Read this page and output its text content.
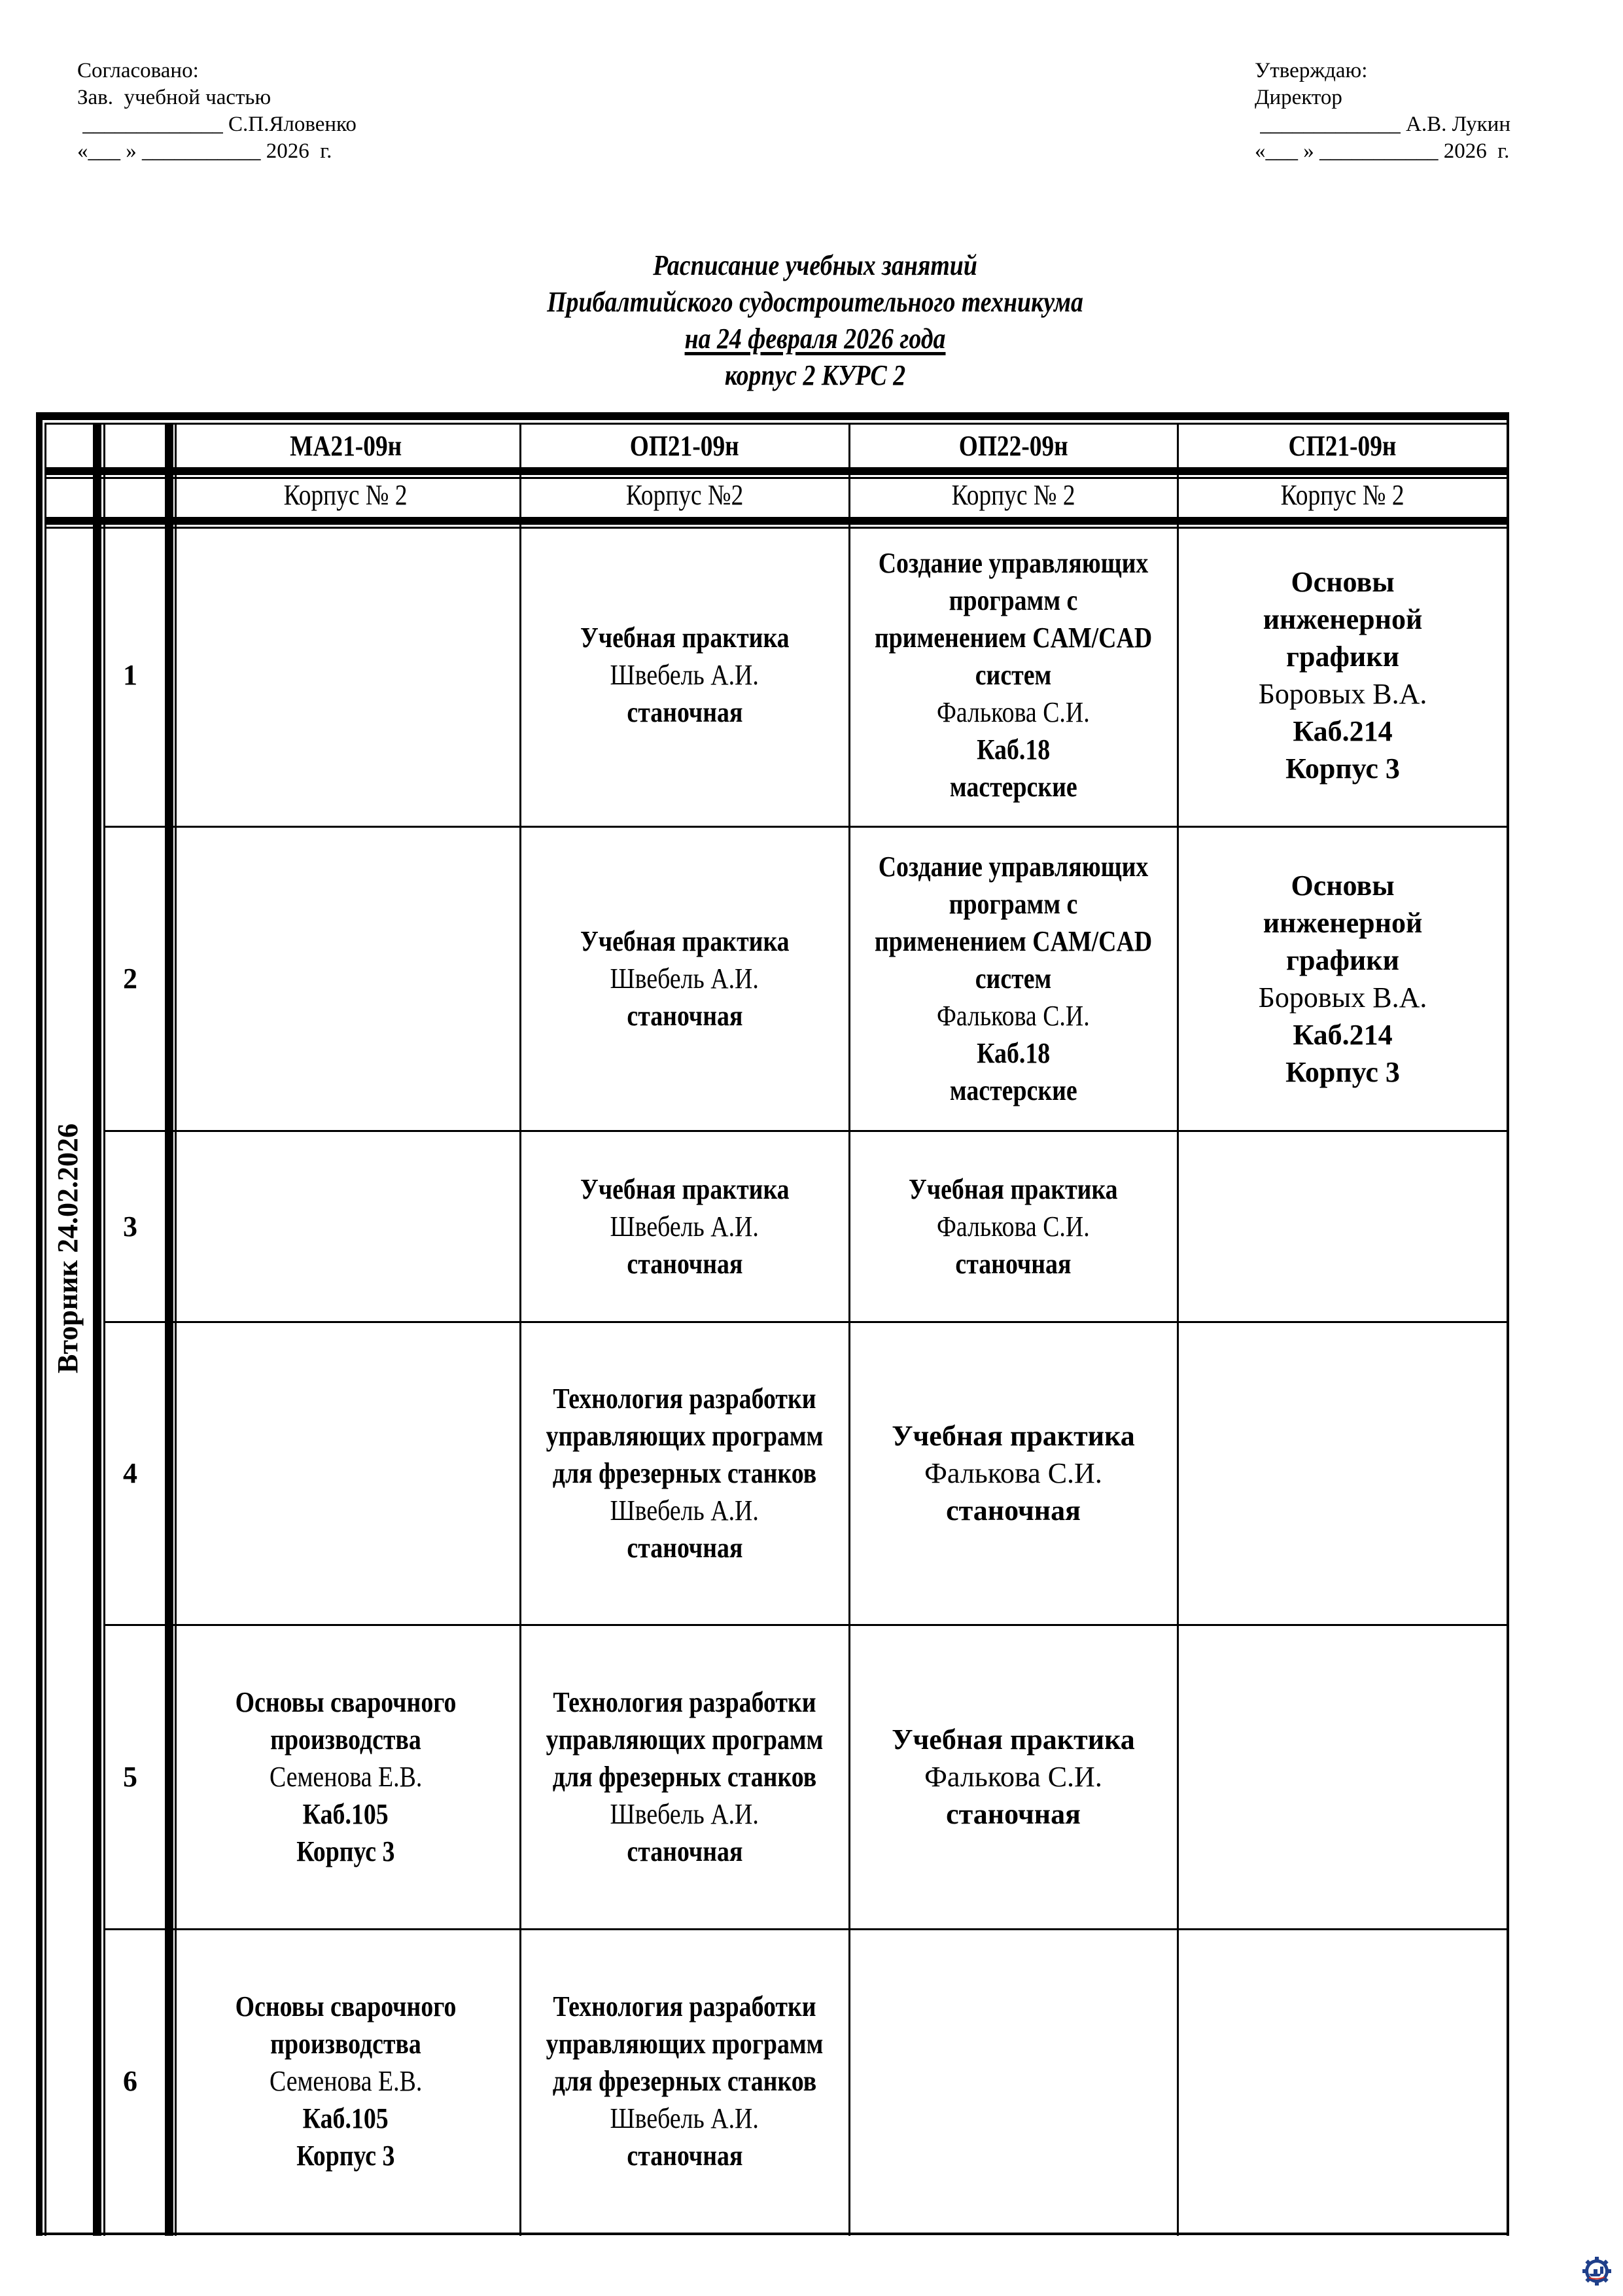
Согласовано:
Зав.  учебной частью
_____________ С.П.Яловенко
«___ » ___________ 2026  г.
Утверждаю:
Директор
_____________ А.В. Лукин
«___ » ___________ 2026  г.
Расписание учебных занятий
Прибалтийского судостроительного техникума
на 24 февраля 2026 года
корпус 2 КУРС 2
МА21-09н
Корпус № 2
ОП21-09н
Корпус №2
ОП22-09н
Корпус № 2
СП21-09н
Корпус № 2
1
Учебная практика
Швебель А.И.
станочная
Создание управляющих программ с применением CAM/CAD систем
Фалькова С.И.
Каб.18
мастерские
Основы инженерной графики
Боровых В.А.
Каб.214
Корпус 3
2
Учебная практика
Швебель А.И.
станочная
Создание управляющих программ с применением CAM/CAD систем
Фалькова С.И.
Каб.18
мастерские
Основы инженерной графики
Боровых В.А.
Каб.214
Корпус 3
3
Учебная практика
Швебель А.И.
станочная
Учебная практика
Фалькова С.И.
станочная
4
Технология разработки управляющих программ для фрезерных станков
Швебель А.И.
станочная
Учебная практика
Фалькова С.И.
станочная
5
Основы сварочного производства
Семенова Е.В.
Каб.105
Корпус 3
Технология разработки управляющих программ для фрезерных станков
Швебель А.И.
станочная
Учебная практика
Фалькова С.И.
станочная
6
Основы сварочного производства
Семенова Е.В.
Каб.105
Корпус 3
Технология разработки управляющих программ для фрезерных станков
Швебель А.И.
станочная
Вторник 24.02.2026
